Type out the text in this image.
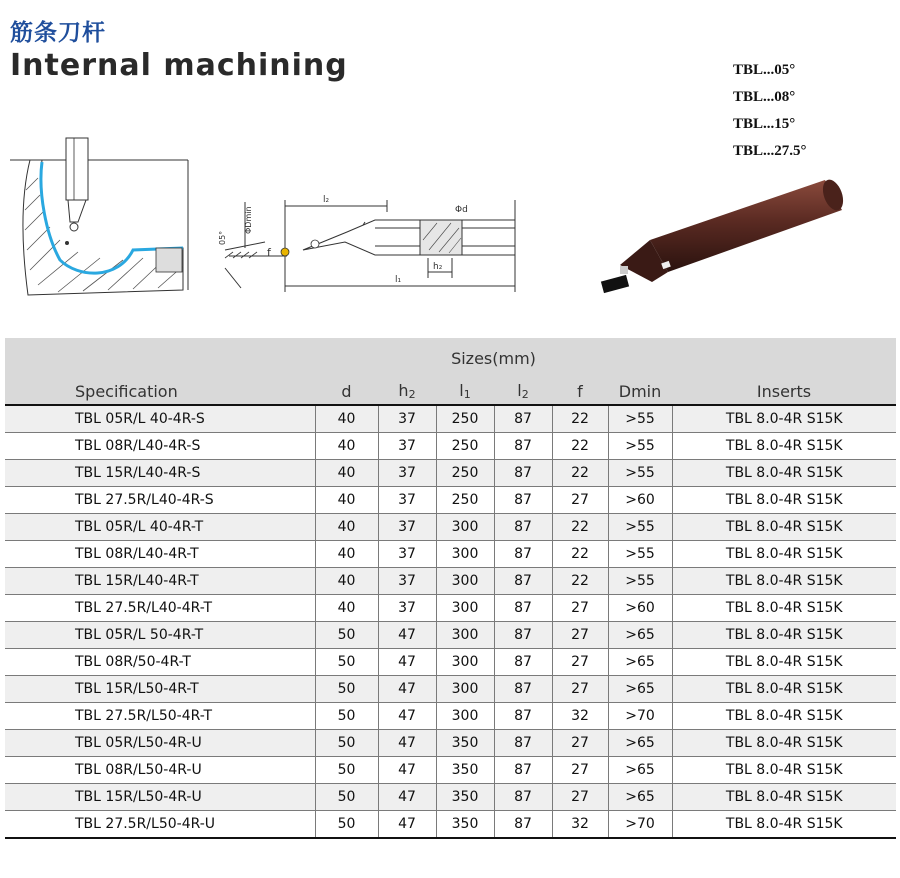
筋条刀杆
Internal machining	TBL...05°
TBL...08°
TBL...15°
TBL...27.5°
l₂
l₁
h₂
Φd
f
05°
ΦDmin
	Sizes(mm)						
Specification	d	h2	l1	l2	f	Dmin	Inserts
TBL 05R/L 40-4R-S	40	37	250	87	22	>55	TBL 8.0-4R S15K
TBL 08R/L40-4R-S	40	37	250	87	22	>55	TBL 8.0-4R S15K
TBL 15R/L40-4R-S	40	37	250	87	22	>55	TBL 8.0-4R S15K
TBL 27.5R/L40-4R-S	40	37	250	87	27	>60	TBL 8.0-4R S15K
TBL 05R/L 40-4R-T	40	37	300	87	22	>55	TBL 8.0-4R S15K
TBL 08R/L40-4R-T	40	37	300	87	22	>55	TBL 8.0-4R S15K
TBL 15R/L40-4R-T	40	37	300	87	22	>55	TBL 8.0-4R S15K
TBL 27.5R/L40-4R-T	40	37	300	87	27	>60	TBL 8.0-4R S15K
TBL 05R/L 50-4R-T	50	47	300	87	27	>65	TBL 8.0-4R S15K
TBL 08R/50-4R-T	50	47	300	87	27	>65	TBL 8.0-4R S15K
TBL 15R/L50-4R-T	50	47	300	87	27	>65	TBL 8.0-4R S15K
TBL 27.5R/L50-4R-T	50	47	300	87	32	>70	TBL 8.0-4R S15K
TBL 05R/L50-4R-U	50	47	350	87	27	>65	TBL 8.0-4R S15K
TBL 08R/L50-4R-U	50	47	350	87	27	>65	TBL 8.0-4R S15K
TBL 15R/L50-4R-U	50	47	350	87	27	>65	TBL 8.0-4R S15K
TBL 27.5R/L50-4R-U	50	47	350	87	32	>70	TBL 8.0-4R S15K
